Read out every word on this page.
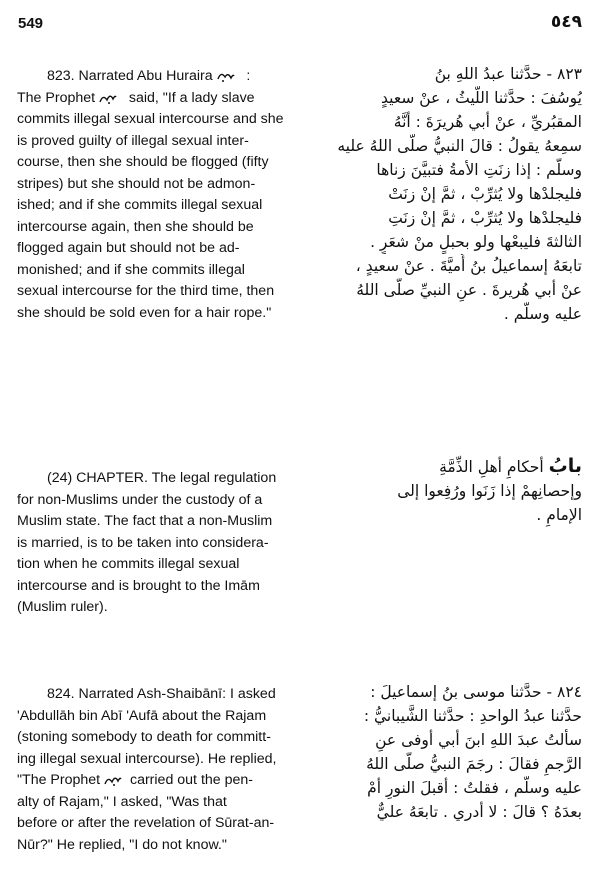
549	٥٤٩

823. Narrated Abu Huraira :

The Prophet said, "If a lady slave

commits illegal sexual intercourse and she

is proved guilty of illegal sexual inter-

course, then she should be flogged (fifty

stripes) but she should not be admon-

ished; and if she commits illegal sexual

intercourse again, then she should be

flogged again but should not be ad-

monished; and if she commits illegal

sexual intercourse for the third time, then

she should be sold even for a hair rope."

٨٢٣ - حدَّثنا عبدُ اللهِ بنُ
يُوسُفَ : حدَّثنا اللَّيثُ ، عنْ سعيدٍ
المقبُريِّ ، عنْ أبي هُريرَةَ : أنَّهُ
سمِعهُ يقولُ : قالَ النبيُّ صلَّى اللهُ عليه
وسلَّم : إذا زنَتِ الأمةُ فتبيَّنَ زناها
فليجلدْها ولا يُثرِّبْ ، ثمَّ إنْ زنَتْ
فليجلدْها ولا يُثرِّبْ ، ثمَّ إنْ زنَتِ
الثالثةَ فليبعْها ولو بحبلٍ منْ شعَرٍ .
تابعَهُ إسماعيلُ بنُ أُميَّةَ . عنْ سعيدٍ ،
عنْ أبي هُريرةَ . عنِ النبيِّ صلَّى اللهُ
عليه وسلَّم .

(24) CHAPTER. The legal regulation

for non-Muslims under the custody of a

Muslim state. The fact that a non-Muslim

is married, is to be taken into considera-

tion when he commits illegal sexual

intercourse and is brought to the Imām

(Muslim ruler).

بابُ أحكامِ أهلِ الذِّمَّةِ
وإحصانِهمْ إذا زَنَوا ورُفِعوا إلى
الإمامِ .

824. Narrated Ash-Shaibānī: I asked

'Abdullāh bin Abī 'Aufā about the Rajam

(stoning somebody to death for committ-

ing illegal sexual intercourse). He replied,

"The Prophet carried out the pen-

alty of Rajam," I asked, "Was that

before or after the revelation of Sūrat-an-

Nūr?" He replied, "I do not know."

٨٢٤ - حدَّثنا موسى بنُ إسماعيلَ :
حدَّثنا عبدُ الواحدِ : حدَّثنا الشَّيبانيُّ :
سألتُ عبدَ اللهِ ابنَ أبي أوفى عنِ
الرَّجمِ فقالَ : رجَمَ النبيُّ صلَّى اللهُ
عليه وسلَّم ، فقلتُ : أقبلَ النورِ أمْ
بعدَهُ ؟ قالَ : لا أدري . تابعَهُ عليٌّ
